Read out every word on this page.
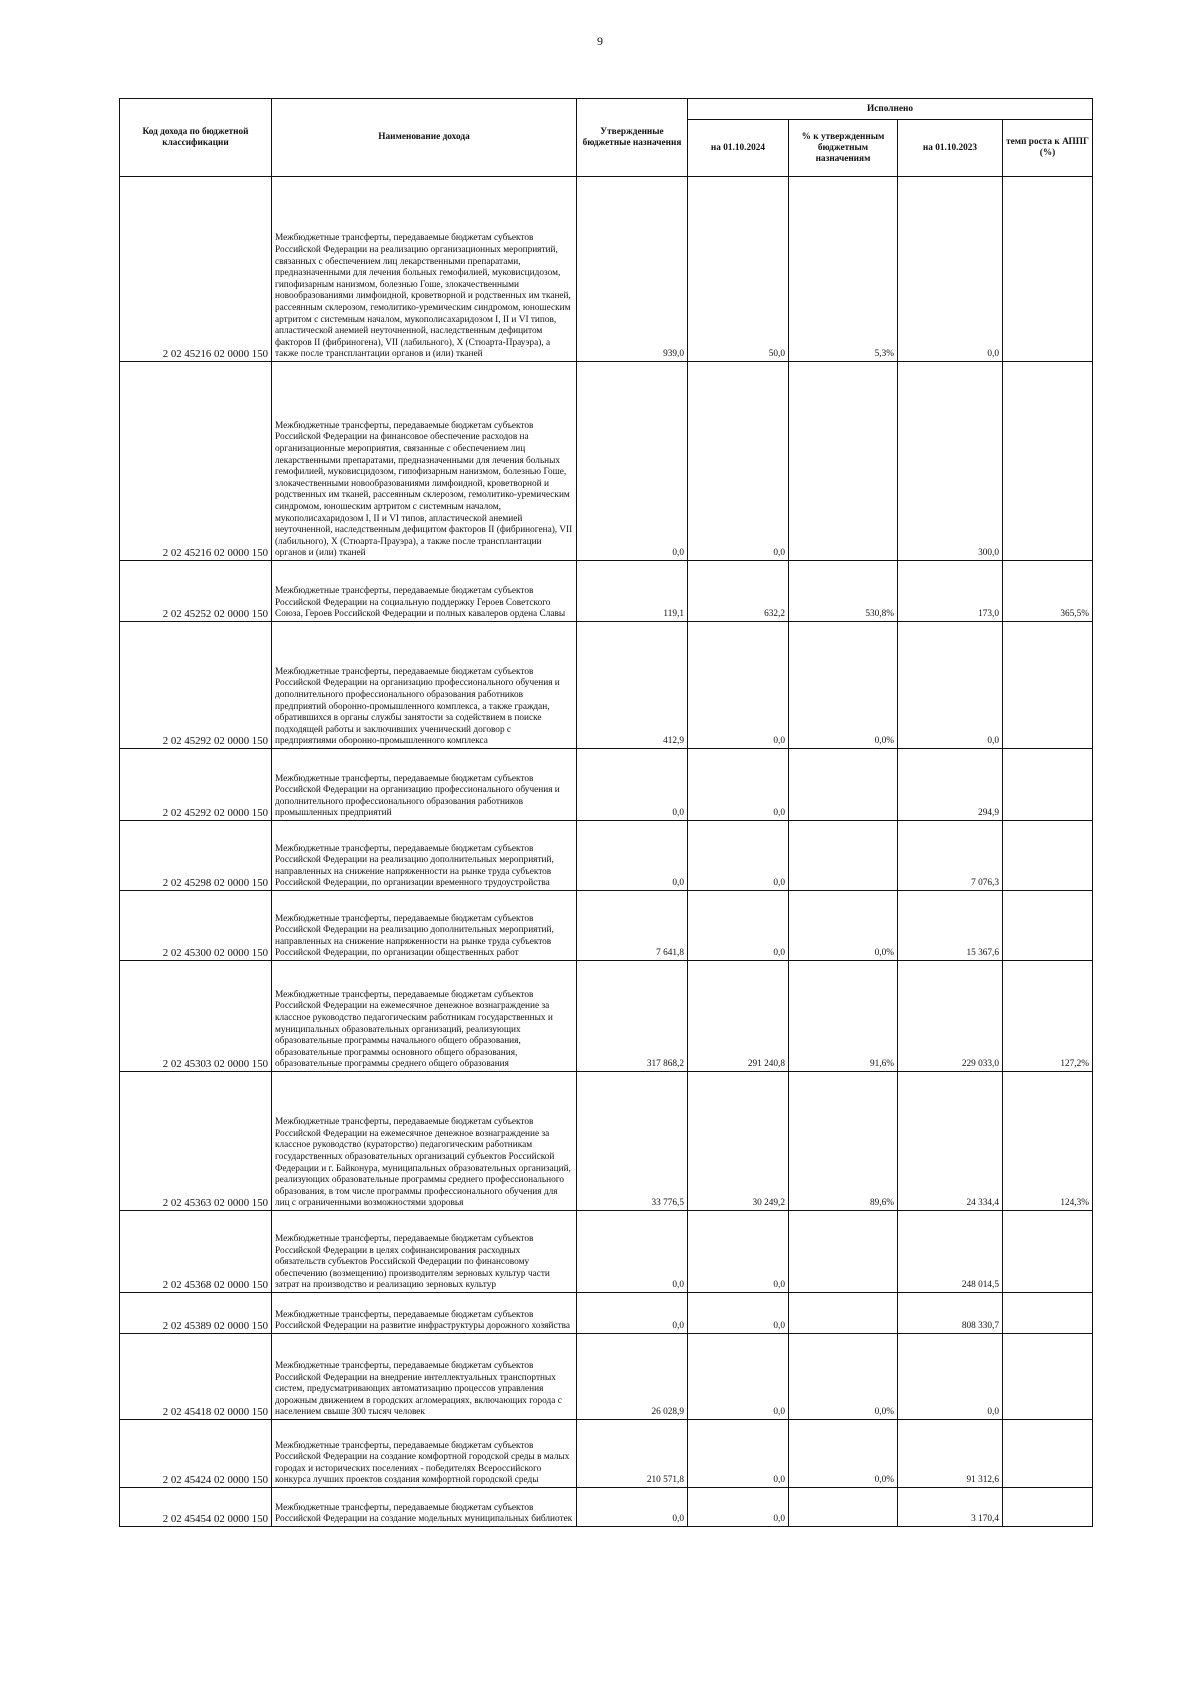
9
Код дохода по бюджетной классификации	Наименование дохода	Утвержденные бюджетные назначения	Исполнено			
			на 01.10.2024	% к утвержденным бюджетным назначениям	на 01.10.2023	темп роста к АППГ (%)
2 02 45216 02 0000 150	Межбюджетные трансферты, передаваемые бюджетам субъектов Российской Федерации на реализацию организационных мероприятий, связанных с обеспечением лиц лекарственными препаратами, предназначенными для лечения больных гемофилией, муковисцидозом, гипофизарным нанизмом, болезнью Гоше, злокачественными новообразованиями лимфоидной, кроветворной и родственных им тканей, рассеянным склерозом, гемолитико-уремическим синдромом, юношеским артритом с системным началом, мукополисахаридозом I, II и VI типов, апластической анемией неуточненной, наследственным дефицитом факторов II (фибриногена), VII (лабильного), X (Стюарта-Прауэра), а также после трансплантации органов и (или) тканей	939,0	50,0	5,3%	0,0	
2 02 45216 02 0000 150	Межбюджетные трансферты, передаваемые бюджетам субъектов Российской Федерации на финансовое обеспечение расходов на организационные мероприятия, связанные с обеспечением лиц лекарственными препаратами, предназначенными для лечения больных гемофилией, муковисцидозом, гипофизарным нанизмом, болезнью Гоше, злокачественными новообразованиями лимфоидной, кроветворной и родственных им тканей, рассеянным склерозом, гемолитико-уремическим синдромом, юношеским артритом с системным началом, мукополисахаридозом I, II и VI типов, апластической анемией неуточненной, наследственным дефицитом факторов II (фибриногена), VII (лабильного), X (Стюарта-Прауэра), а также после трансплантации органов и (или) тканей	0,0	0,0		300,0	
2 02 45252 02 0000 150	Межбюджетные трансферты, передаваемые бюджетам субъектов Российской Федерации на социальную поддержку Героев Советского Союза, Героев Российской Федерации и полных кавалеров ордена Славы	119,1	632,2	530,8%	173,0	365,5%
2 02 45292 02 0000 150	Межбюджетные трансферты, передаваемые бюджетам субъектов Российской Федерации на организацию профессионального обучения и дополнительного профессионального образования работников предприятий оборонно-промышленного комплекса, а также граждан, обратившихся в органы службы занятости за содействием в поиске подходящей работы и заключивших ученический договор с предприятиями оборонно-промышленного комплекса	412,9	0,0	0,0%	0,0	
2 02 45292 02 0000 150	Межбюджетные трансферты, передаваемые бюджетам субъектов Российской Федерации на организацию профессионального обучения и дополнительного профессионального образования работников промышленных предприятий	0,0	0,0		294,9	
2 02 45298 02 0000 150	Межбюджетные трансферты, передаваемые бюджетам субъектов Российской Федерации на реализацию дополнительных мероприятий, направленных на снижение напряженности на рынке труда субъектов Российской Федерации, по организации временного трудоустройства	0,0	0,0		7 076,3	
2 02 45300 02 0000 150	Межбюджетные трансферты, передаваемые бюджетам субъектов Российской Федерации на реализацию дополнительных мероприятий, направленных на снижение напряженности на рынке труда субъектов Российской Федерации, по организации общественных работ	7 641,8	0,0	0,0%	15 367,6	
2 02 45303 02 0000 150	Межбюджетные трансферты, передаваемые бюджетам субъектов Российской Федерации на ежемесячное денежное вознаграждение за классное руководство педагогическим работникам государственных и муниципальных образовательных организаций, реализующих образовательные программы начального общего образования, образовательные программы основного общего образования, образовательные программы среднего общего образования	317 868,2	291 240,8	91,6%	229 033,0	127,2%
2 02 45363 02 0000 150	Межбюджетные трансферты, передаваемые бюджетам субъектов Российской Федерации на ежемесячное денежное вознаграждение за классное руководство (кураторство) педагогическим работникам государственных образовательных организаций субъектов Российской Федерации и г. Байконура, муниципальных образовательных организаций, реализующих образовательные программы среднего профессионального образования, в том числе программы профессионального обучения для лиц с ограниченными возможностями здоровья	33 776,5	30 249,2	89,6%	24 334,4	124,3%
2 02 45368 02 0000 150	Межбюджетные трансферты, передаваемые бюджетам субъектов Российской Федерации в целях софинансирования расходных обязательств субъектов Российской Федерации по финансовому обеспечению (возмещению) производителям зерновых культур части затрат на производство и реализацию зерновых культур	0,0	0,0		248 014,5	
2 02 45389 02 0000 150	Межбюджетные трансферты, передаваемые бюджетам субъектов Российской Федерации на развитие инфраструктуры дорожного хозяйства	0,0	0,0		808 330,7	
2 02 45418 02 0000 150	Межбюджетные трансферты, передаваемые бюджетам субъектов Российской Федерации на внедрение интеллектуальных транспортных систем, предусматривающих автоматизацию процессов управления дорожным движением в городских агломерациях, включающих города с населением свыше 300 тысяч человек	26 028,9	0,0	0,0%	0,0	
2 02 45424 02 0000 150	Межбюджетные трансферты, передаваемые бюджетам субъектов Российской Федерации на создание комфортной городской среды в малых городах и исторических поселениях - победителях Всероссийского конкурса лучших проектов создания комфортной городской среды	210 571,8	0,0	0,0%	91 312,6	
2 02 45454 02 0000 150	Межбюджетные трансферты, передаваемые бюджетам субъектов Российской Федерации на создание модельных муниципальных библиотек	0,0	0,0		3 170,4	
